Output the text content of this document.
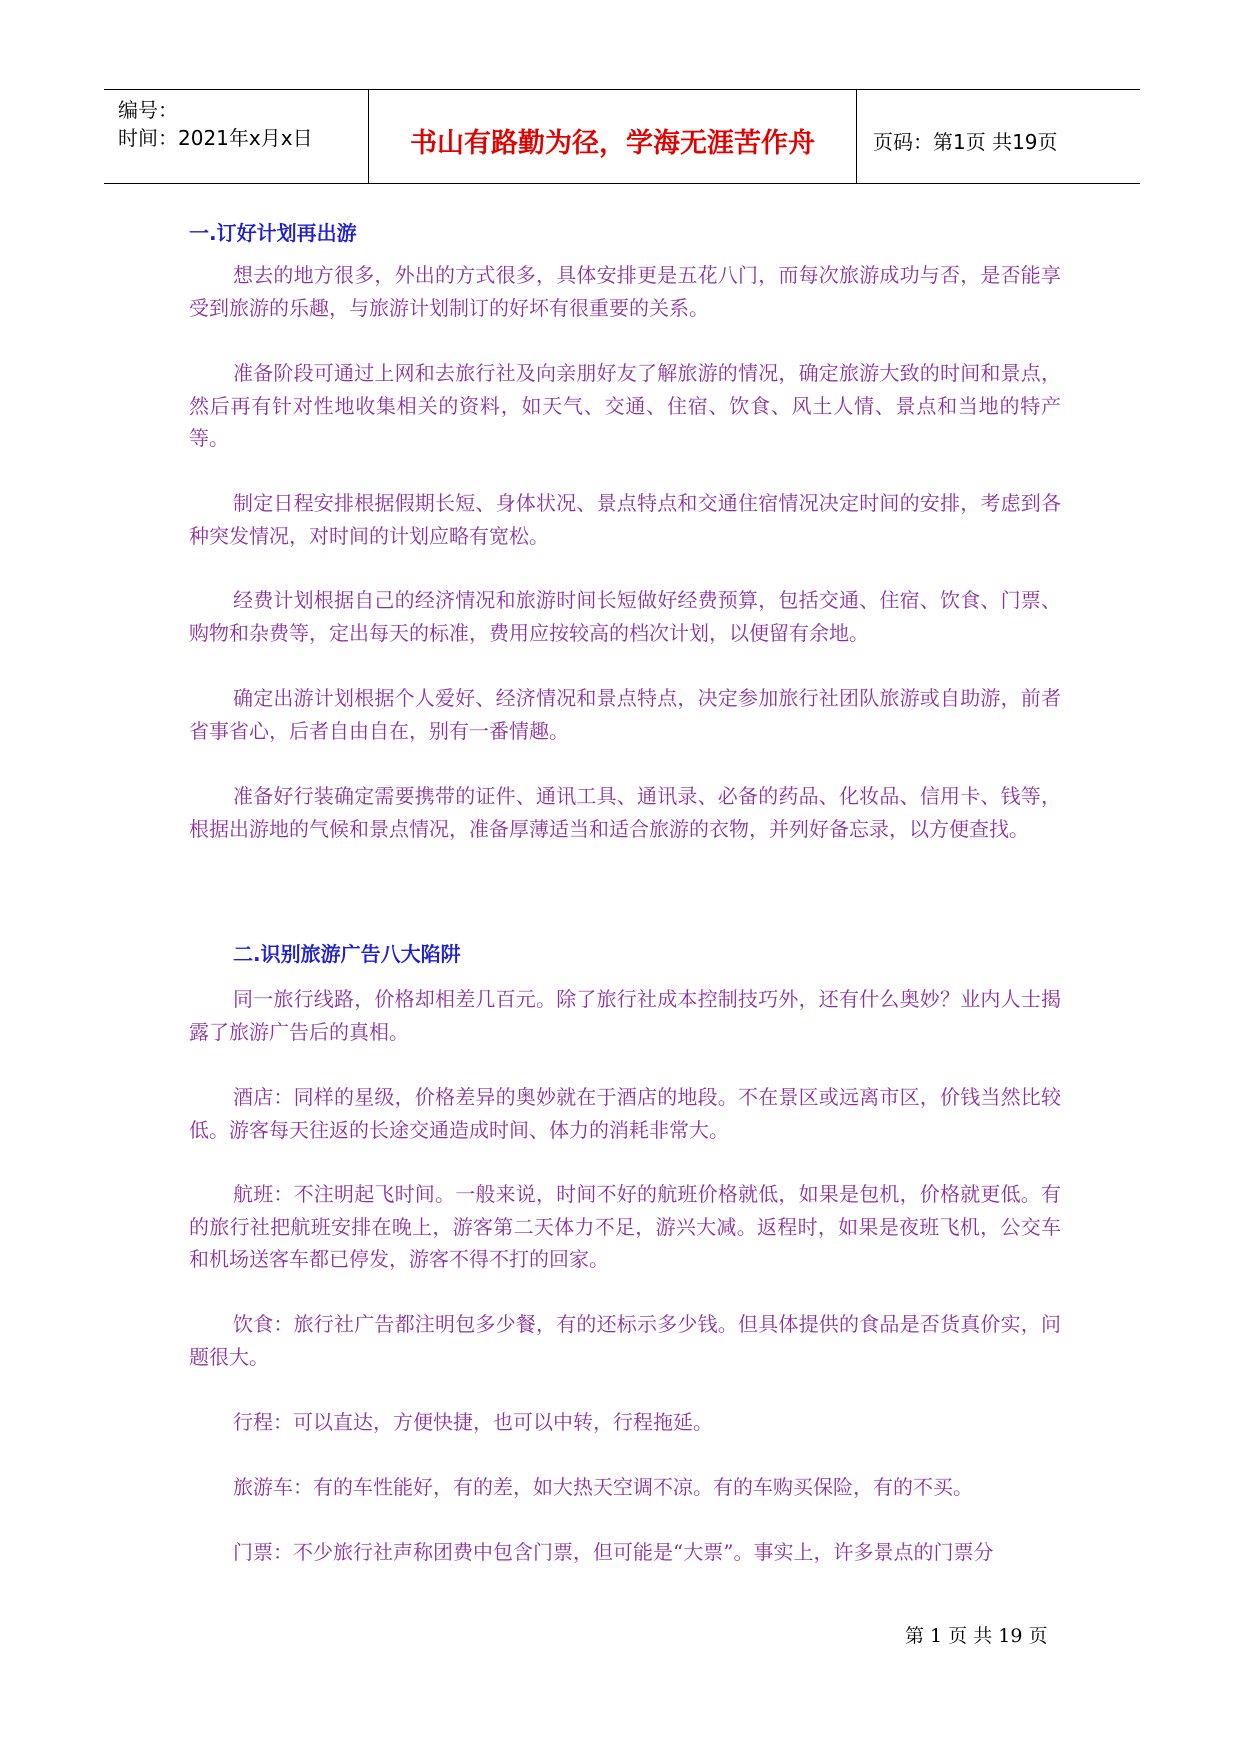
编号：
时间：2021年x月x日	书山有路勤为径，学海无涯苦作舟	页码：第1页 共19页
一.订好计划再出游

想去的地方很多，外出的方式很多，具体安排更是五花八门，而每次旅游成功与否，是否能享受到旅游的乐趣，与旅游计划制订的好坏有很重要的关系。

准备阶段可通过上网和去旅行社及向亲朋好友了解旅游的情况，确定旅游大致的时间和景点，然后再有针对性地收集相关的资料，如天气、交通、住宿、饮食、风土人情、景点和当地的特产等。

制定日程安排根据假期长短、身体状况、景点特点和交通住宿情况决定时间的安排，考虑到各种突发情况，对时间的计划应略有宽松。

经费计划根据自己的经济情况和旅游时间长短做好经费预算，包括交通、住宿、饮食、门票、购物和杂费等，定出每天的标准，费用应按较高的档次计划，以便留有余地。

确定出游计划根据个人爱好、经济情况和景点特点，决定参加旅行社团队旅游或自助游，前者省事省心，后者自由自在，别有一番情趣。

准备好行装确定需要携带的证件、通讯工具、通讯录、必备的药品、化妆品、信用卡、钱等，根据出游地的气候和景点情况，准备厚薄适当和适合旅游的衣物，并列好备忘录，以方便查找。

二.识别旅游广告八大陷阱

同一旅行线路，价格却相差几百元。除了旅行社成本控制技巧外，还有什么奥妙？业内人士揭露了旅游广告后的真相。

酒店：同样的星级，价格差异的奥妙就在于酒店的地段。不在景区或远离市区，价钱当然比较低。游客每天往返的长途交通造成时间、体力的消耗非常大。

航班：不注明起飞时间。一般来说，时间不好的航班价格就低，如果是包机，价格就更低。有的旅行社把航班安排在晚上，游客第二天体力不足，游兴大减。返程时，如果是夜班飞机，公交车和机场送客车都已停发，游客不得不打的回家。

饮食：旅行社广告都注明包多少餐，有的还标示多少钱。但具体提供的食品是否货真价实，问题很大。

行程：可以直达，方便快捷，也可以中转，行程拖延。

旅游车：有的车性能好，有的差，如大热天空调不凉。有的车购买保险，有的不买。

门票：不少旅行社声称团费中包含门票，但可能是“大票”。事实上，许多景点的门票分

第 1 页 共 19 页
